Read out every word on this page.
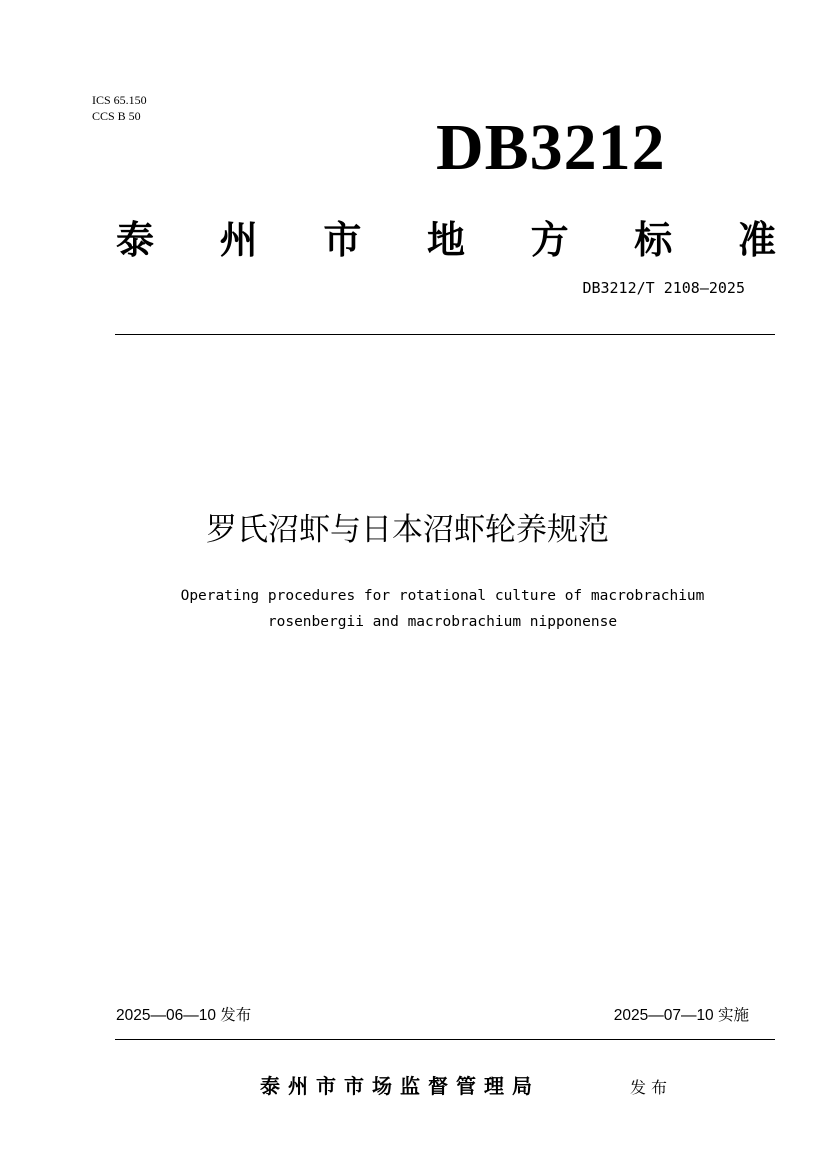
ICS 65.150
CCS B 50	DB3212
泰 州 市 地 方 标 准
DB3212/T 2108—2025
罗氏沼虾与日本沼虾轮养规范
Operating procedures for rotational culture of macrobrachium
rosenbergii and macrobrachium nipponense
2025—06—10 发布	2025—07—10 实施
泰州市市场监督管理局	发布
